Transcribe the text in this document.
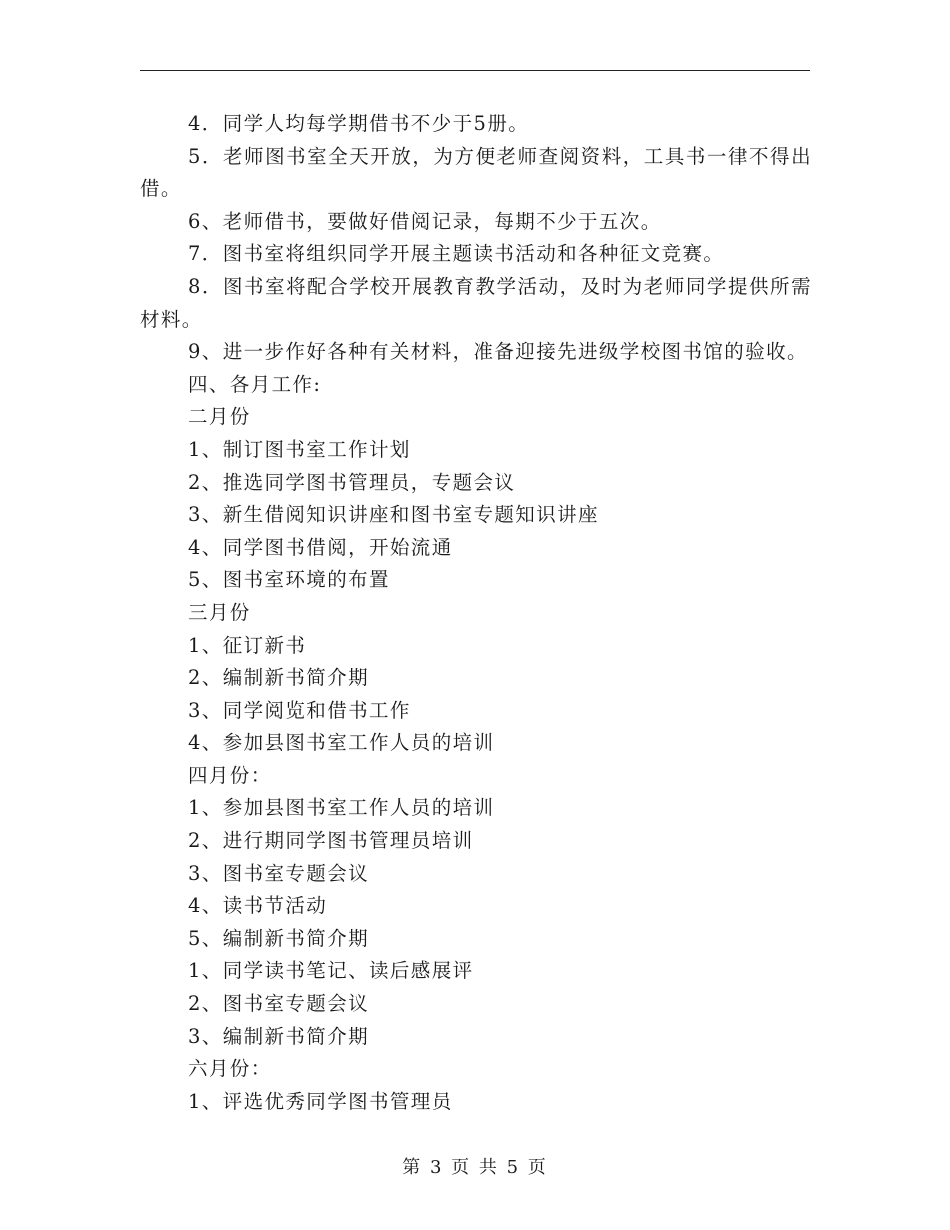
4．同学人均每学期借书不少于5册。

5．老师图书室全天开放，为方便老师查阅资料，工具书一律不得出借。

6、老师借书，要做好借阅记录，每期不少于五次。

7．图书室将组织同学开展主题读书活动和各种征文竞赛。

8．图书室将配合学校开展教育教学活动，及时为老师同学提供所需材料。

9、进一步作好各种有关材料，准备迎接先进级学校图书馆的验收。

四、各月工作:

二月份

1、制订图书室工作计划

2、推选同学图书管理员，专题会议

3、新生借阅知识讲座和图书室专题知识讲座

4、同学图书借阅，开始流通

5、图书室环境的布置

三月份

1、征订新书

2、编制新书简介期

3、同学阅览和借书工作

4、参加县图书室工作人员的培训

四月份：

1、参加县图书室工作人员的培训

2、进行期同学图书管理员培训

3、图书室专题会议

4、读书节活动

5、编制新书简介期

1、同学读书笔记、读后感展评

2、图书室专题会议

3、编制新书简介期

六月份：

1、评选优秀同学图书管理员

第 3 页 共 5 页
